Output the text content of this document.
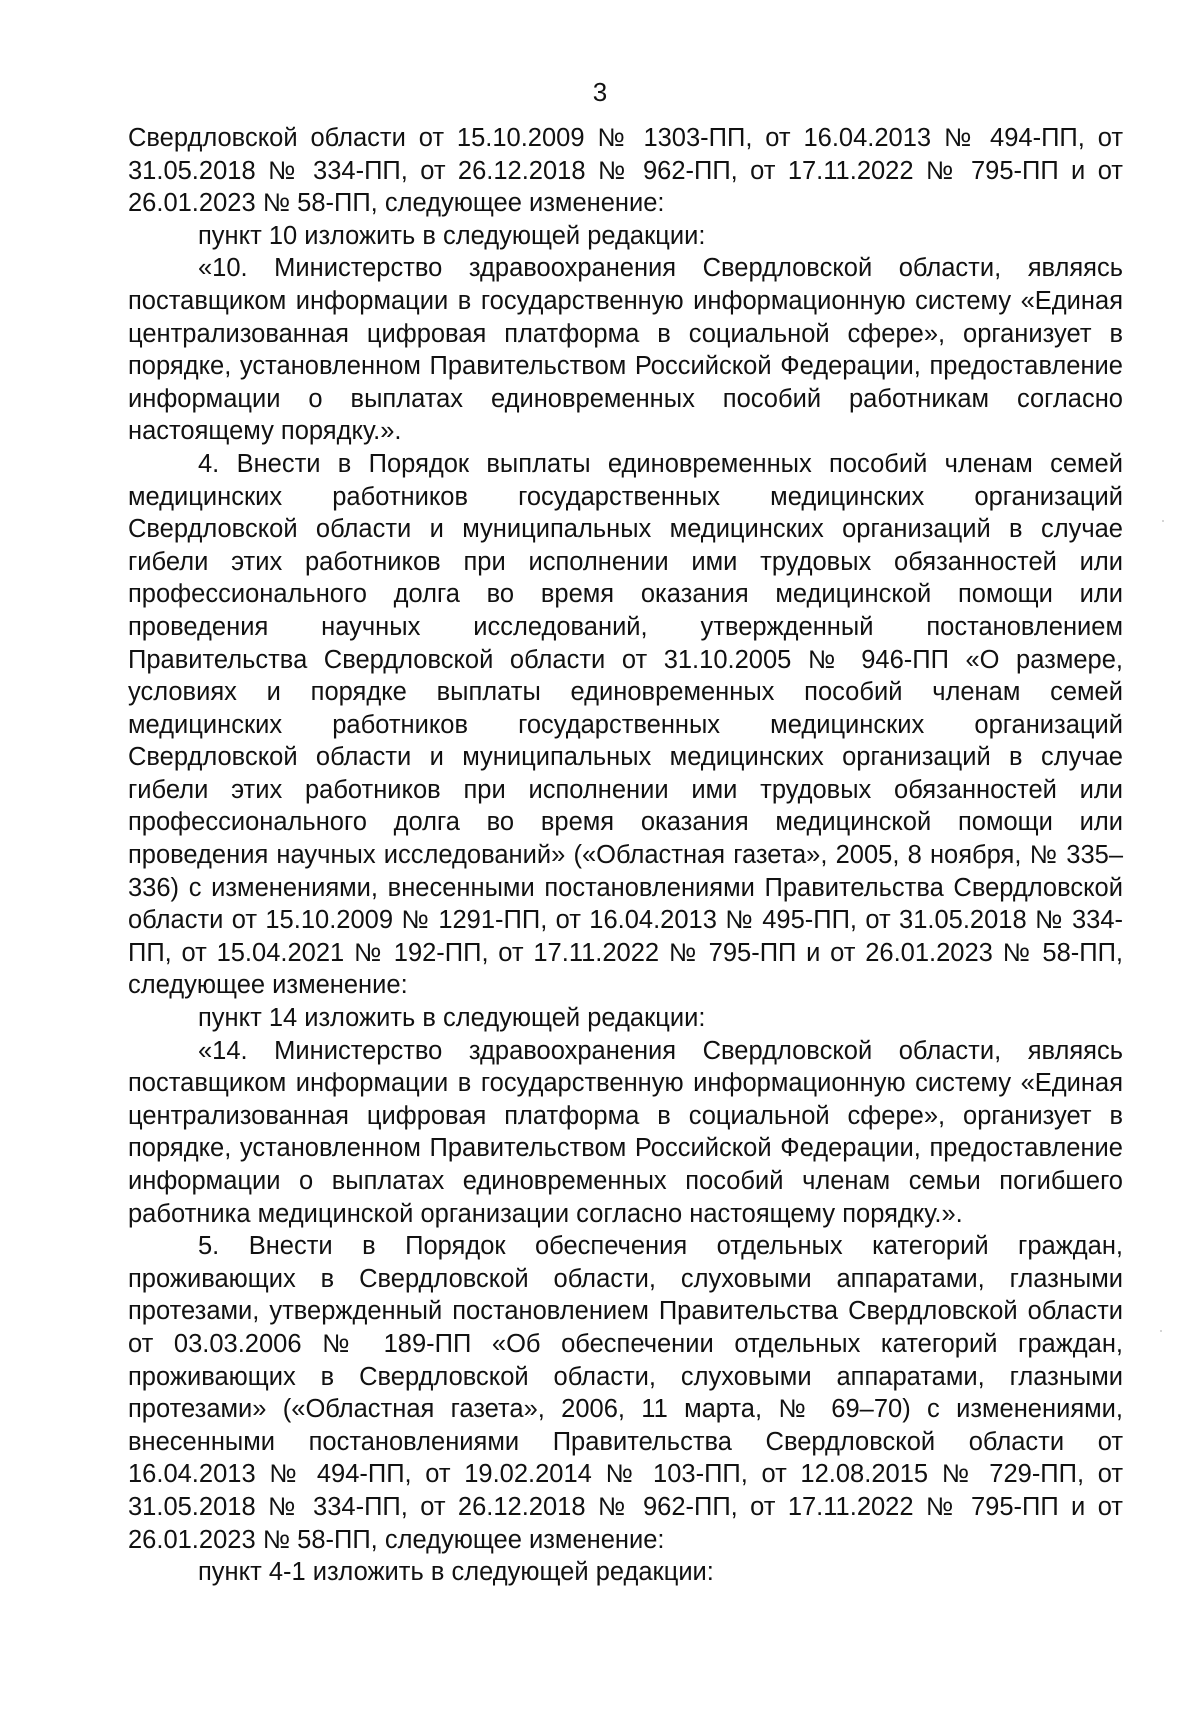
3

Свердловской области от 15.10.2009 № 1303-ПП, от 16.04.2013 № 494-ПП, от 31.05.2018 № 334-ПП, от 26.12.2018 № 962-ПП, от 17.11.2022 № 795-ПП и от 26.01.2023 № 58-ПП, следующее изменение:

пункт 10 изложить в следующей редакции:

«10. Министерство здравоохранения Свердловской области, являясь поставщиком информации в государственную информационную систему «Единая централизованная цифровая платформа в социальной сфере», организует в порядке, установленном Правительством Российской Федерации, предоставление информации о выплатах единовременных пособий работникам согласно настоящему порядку.».

4. Внести в Порядок выплаты единовременных пособий членам семей медицинских работников государственных медицинских организаций Свердловской области и муниципальных медицинских организаций в случае гибели этих работников при исполнении ими трудовых обязанностей или профессионального долга во время оказания медицинской помощи или проведения научных исследований, утвержденный постановлением Правительства Свердловской области от 31.10.2005 № 946-ПП «О размере, условиях и порядке выплаты единовременных пособий членам семей медицинских работников государственных медицинских организаций Свердловской области и муниципальных медицинских организаций в случае гибели этих работников при исполнении ими трудовых обязанностей или профессионального долга во время оказания медицинской помощи или проведения научных исследований» («Областная газета», 2005, 8 ноября, № 335–336) с изменениями, внесенными постановлениями Правительства Свердловской области от 15.10.2009 № 1291-ПП, от 16.04.2013 № 495-ПП, от 31.05.2018 № 334-ПП, от 15.04.2021 № 192-ПП, от 17.11.2022 № 795-ПП и от 26.01.2023 № 58-ПП, следующее изменение:

пункт 14 изложить в следующей редакции:

«14. Министерство здравоохранения Свердловской области, являясь поставщиком информации в государственную информационную систему «Единая централизованная цифровая платформа в социальной сфере», организует в порядке, установленном Правительством Российской Федерации, предоставление информации о выплатах единовременных пособий членам семьи погибшего работника медицинской организации согласно настоящему порядку.».

5. Внести в Порядок обеспечения отдельных категорий граждан, проживающих в Свердловской области, слуховыми аппаратами, глазными протезами, утвержденный постановлением Правительства Свердловской области от 03.03.2006 № 189-ПП «Об обеспечении отдельных категорий граждан, проживающих в Свердловской области, слуховыми аппаратами, глазными протезами» («Областная газета», 2006, 11 марта, № 69–70) с изменениями, внесенными постановлениями Правительства Свердловской области от 16.04.2013 № 494-ПП, от 19.02.2014 № 103-ПП, от 12.08.2015 № 729-ПП, от 31.05.2018 № 334-ПП, от 26.12.2018 № 962-ПП, от 17.11.2022 № 795-ПП и от 26.01.2023 № 58-ПП, следующее изменение:

пункт 4-1 изложить в следующей редакции:
